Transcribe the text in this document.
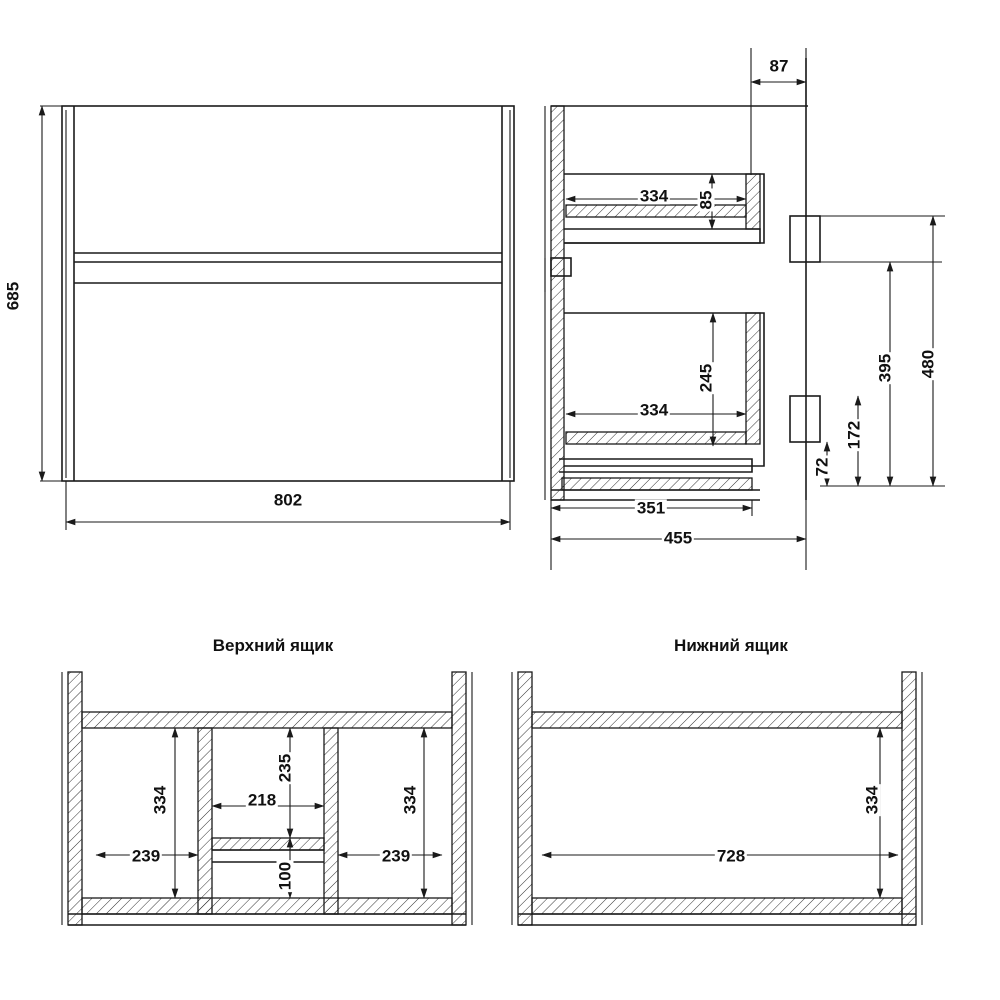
685
802
87
334 85
334
245
351
455
72
172
395 480
Верхний ящик
334
239
235
218
100
334
239
Нижний ящик
334
728
